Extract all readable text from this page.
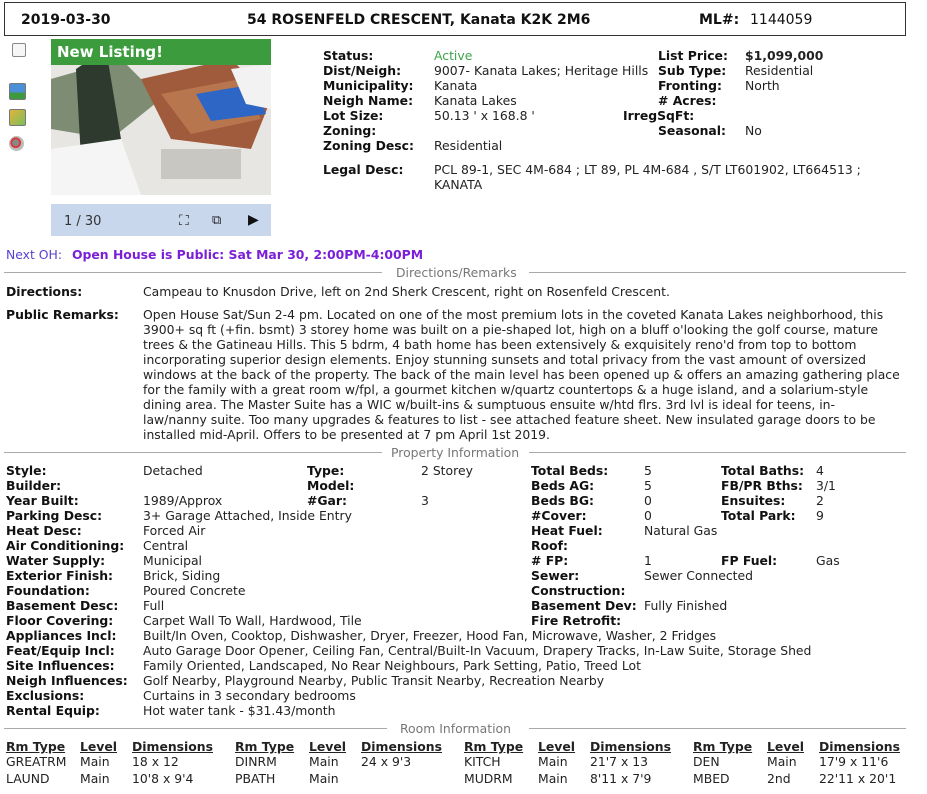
2019-03-30	54 ROSENFELD CRESCENT, Kanata K2K 2M6	ML#: 1144059
New Listing!
1 / 30	⛶ ⧉ ▶
Status:	Active
Dist/Neigh:	9007- Kanata Lakes; Heritage Hills
Municipality: Kanata
Neigh Name: Kanata Lakes
Lot Size:	50.13 ' x 168.8 '
Zoning:
Zoning Desc: Residential
Legal Desc: PCL 89-1, SEC 4M-684 ; LT 89, PL 4M-684 , S/T LT601902, LT664513 ;
KANATA
List Price: $1,099,000
Sub Type: Residential
Fronting: North
# Acres:
IrregSqFt:
Seasonal: No
Next OH: Open House is Public: Sat Mar 30, 2:00PM-4:00PM
Directions/Remarks
Directions:	Campeau to Knusdon Drive, left on 2nd Sherk Crescent, right on Rosenfeld Crescent.
Public Remarks: Open House Sat/Sun 2-4 pm. Located on one of the most premium lots in the coveted Kanata Lakes neighborhood, this
3900+ sq ft (+fin. bsmt) 3 storey home was built on a pie-shaped lot, high on a bluff o'looking the golf course, mature
trees & the Gatineau Hills. This 5 bdrm, 4 bath home has been extensively & exquisitely reno'd from top to bottom
incorporating superior design elements. Enjoy stunning sunsets and total privacy from the vast amount of oversized
windows at the back of the property. The back of the main level has been opened up & offers an amazing gathering place
for the family with a great room w/fpl, a gourmet kitchen w/quartz countertops & a huge island, and a solarium-style
dining area. The Master Suite has a WIC w/built-ins & sumptuous ensuite w/htd flrs. 3rd lvl is ideal for teens, in-
law/nanny suite. Too many upgrades & features to list - see attached feature sheet. New insulated garage doors to be
installed mid-April. Offers to be presented at 7 pm April 1st 2019.
Property Information
Style:	Detached
Builder:
Year Built:	1989/Approx
Parking Desc:	3+ Garage Attached, Inside Entry
Heat Desc:	Forced Air
Air Conditioning: Central
Water Supply:	Municipal
Exterior Finish: Brick, Siding
Foundation:	Poured Concrete
Basement Desc: Full
Floor Covering: Carpet Wall To Wall, Hardwood, Tile
Appliances Incl: Built/In Oven, Cooktop, Dishwasher, Dryer, Freezer, Hood Fan, Microwave, Washer, 2 Fridges
Feat/Equip Incl: Auto Garage Door Opener, Ceiling Fan, Central/Built-In Vacuum, Drapery Tracks, In-Law Suite, Storage Shed
Site Influences: Family Oriented, Landscaped, No Rear Neighbours, Park Setting, Patio, Treed Lot
Neigh Influences: Golf Nearby, Playground Nearby, Public Transit Nearby, Recreation Nearby
Exclusions:	Curtains in 3 secondary bedrooms
Rental Equip:	Hot water tank - $31.43/month
Type:	2 Storey
Model:
#Gar:	3
Total Beds:	5
Beds AG:	5
Beds BG:	0
#Cover:	0
Heat Fuel:	Natural Gas
Roof:
# FP:	1
Sewer:	Sewer Connected
Construction:
Basement Dev: Fully Finished
Fire Retrofit:
Total Baths: 4
FB/PR Bths: 3/1
Ensuites: 2
Total Park: 9
FP Fuel:	Gas
Room Information
Rm Type Level Dimensions Rm Type Level Dimensions Rm Type Level Dimensions Rm Type Level Dimensions
GREATRM Main 18 x 12	DINRM	Main 24 x 9'3	KITCH	Main 21'7 x 13	DEN	Main 17'9 x 11'6
LAUND Main 10'8 x 9'4	PBATH	Main	MUDRM Main 8'11 x 7'9	MBED	2nd 22'11 x 20'1
